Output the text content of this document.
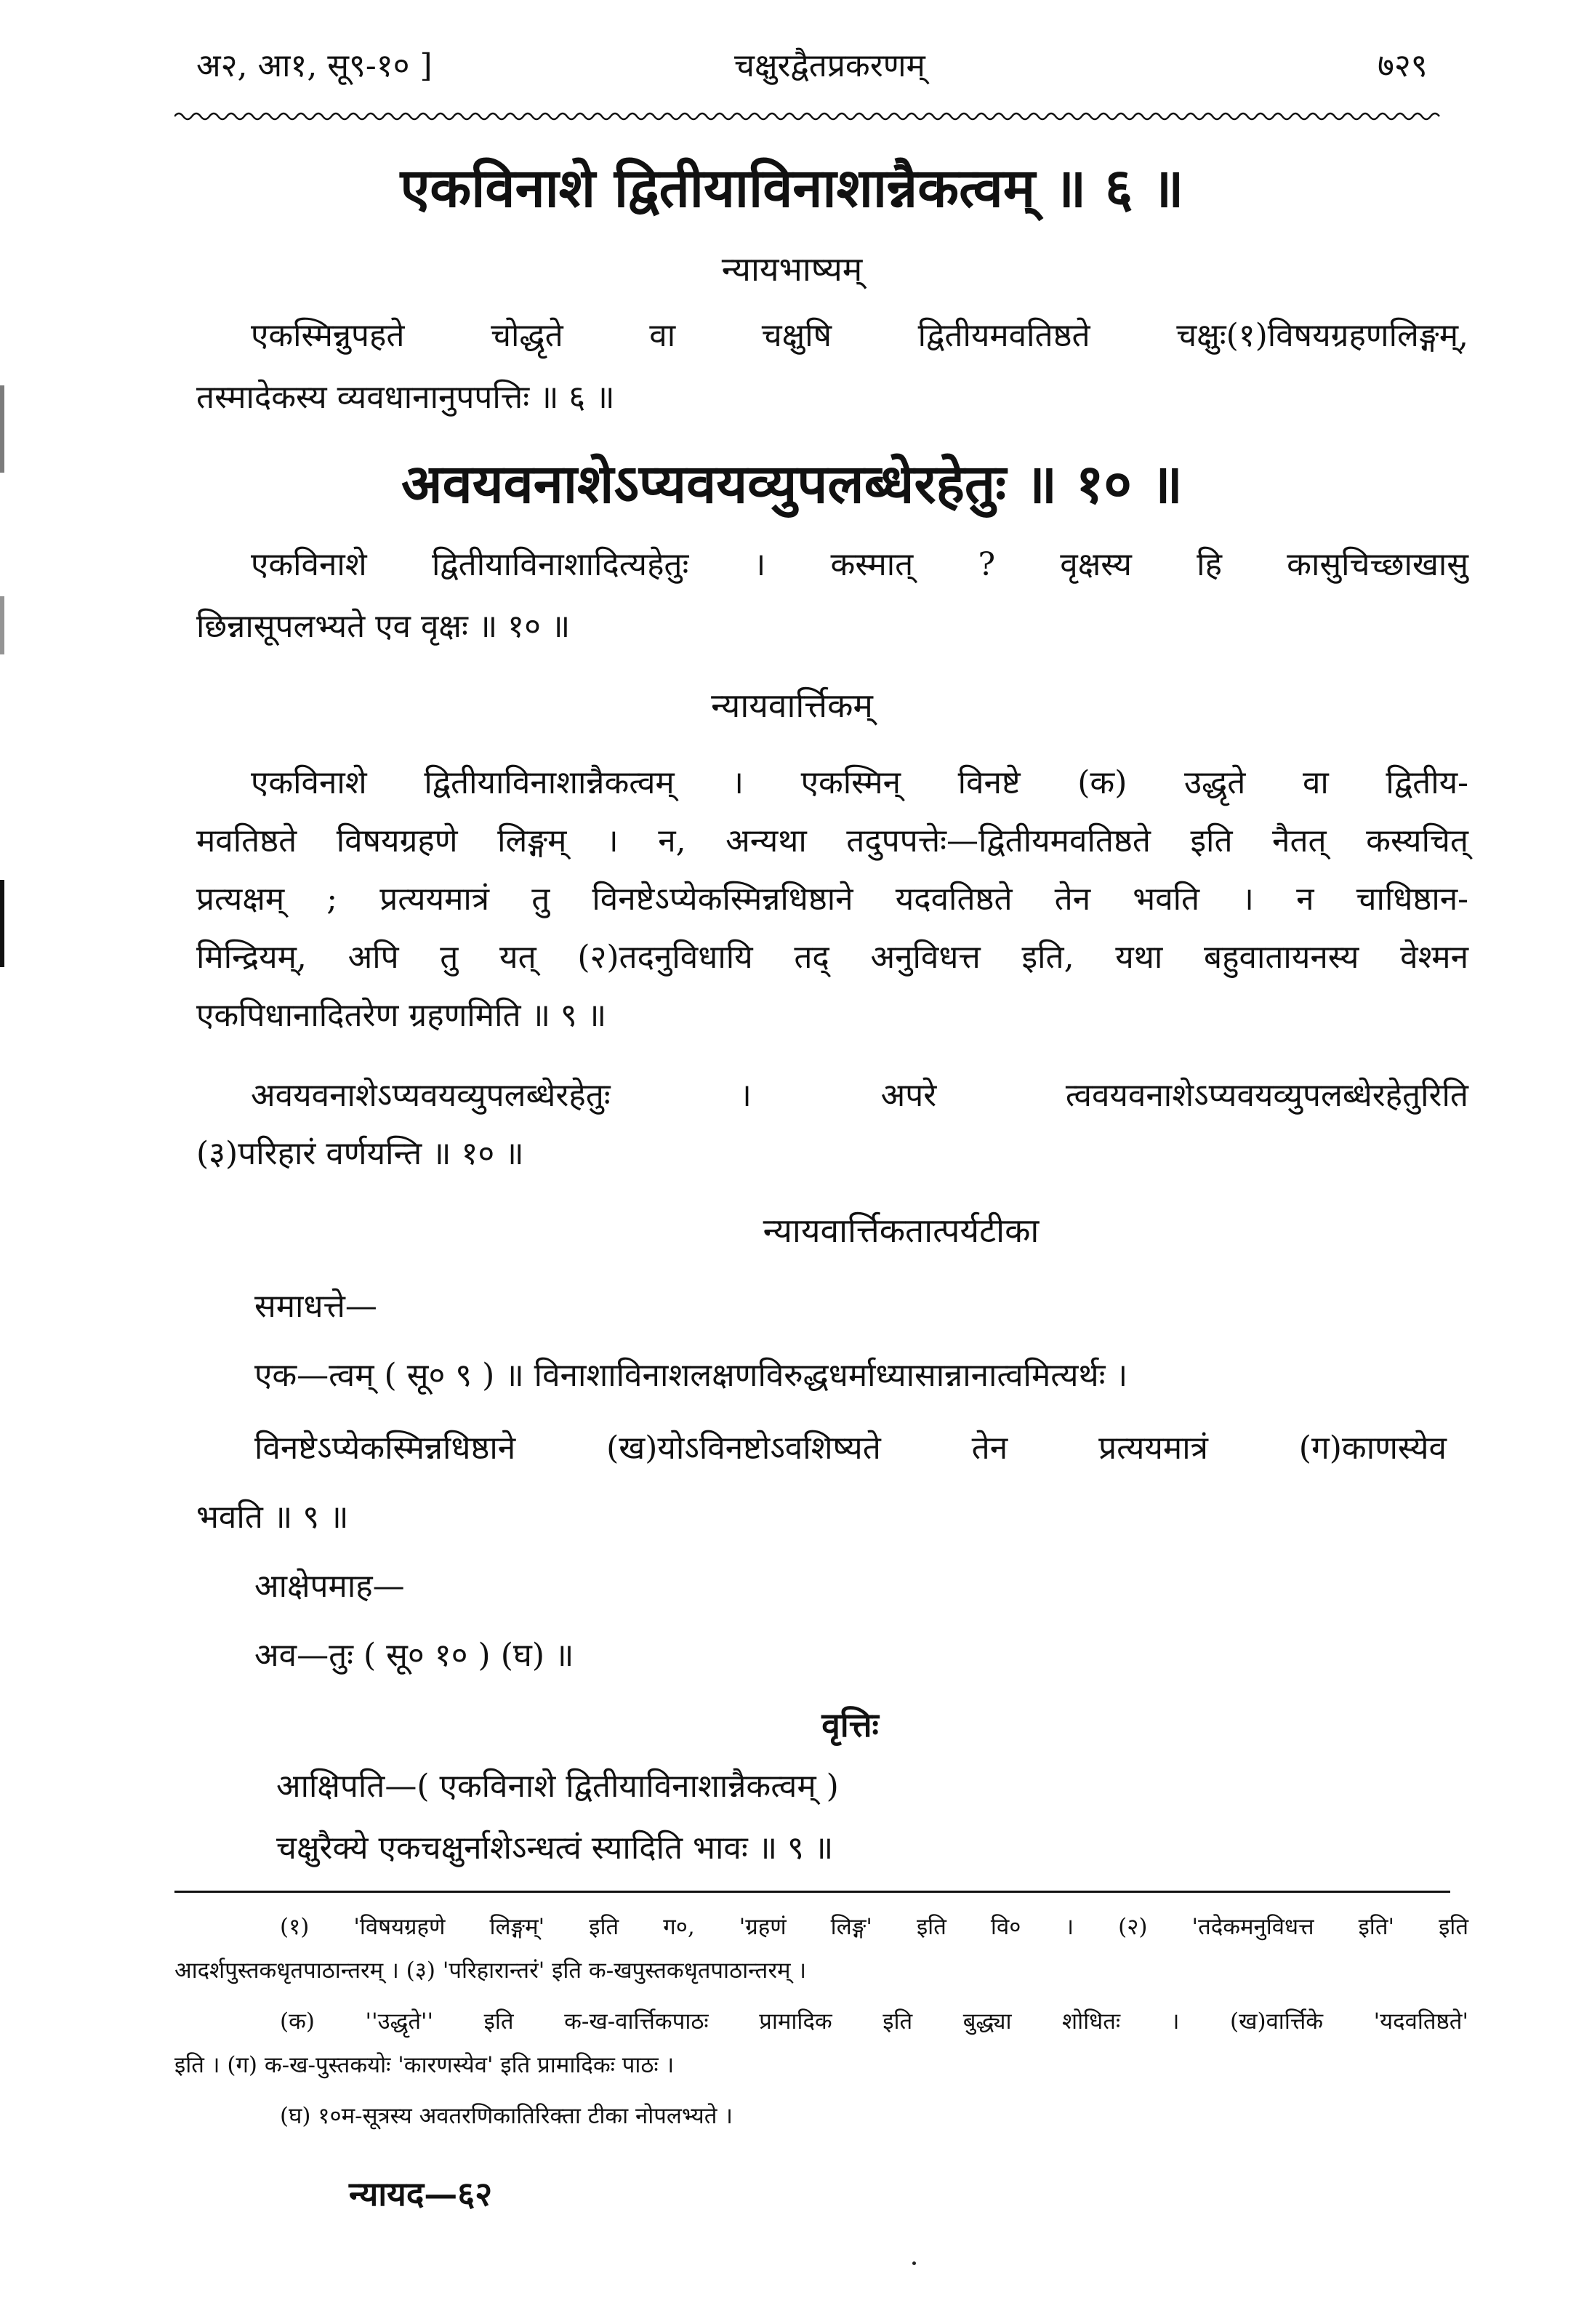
अ२, आ१, सू९-१० ]	चक्षुरद्वैतप्रकरणम्	७२९
एकविनाशे द्वितीयाविनाशान्नैकत्वम् ॥ ६ ॥
न्यायभाष्यम्
एकस्मिन्नुपहते चोद्धृते वा चक्षुषि द्वितीयमवतिष्ठते चक्षुः(१)विषयग्रहणलिङ्गम्,
तस्मादेकस्य व्यवधानानुपपत्तिः ॥ ६ ॥
अवयवनाशेऽप्यवयव्युपलब्धेरहेतुः ॥ १० ॥
एकविनाशे द्वितीयाविनाशादित्यहेतुः । कस्मात् ? वृक्षस्य हि कासुचिच्छाखासु
छिन्नासूपलभ्यते एव वृक्षः ॥ १० ॥
न्यायवार्त्तिकम्
एकविनाशे द्वितीयाविनाशान्नैकत्वम् । एकस्मिन् विनष्टे (क) उद्धृते वा द्वितीय-
मवतिष्ठते विषयग्रहणे लिङ्गम् । न, अन्यथा तदुपपत्तेः—द्वितीयमवतिष्ठते इति नैतत् कस्यचित्
प्रत्यक्षम् ; प्रत्ययमात्रं तु विनष्टेऽप्येकस्मिन्नधिष्ठाने यदवतिष्ठते तेन भवति । न चाधिष्ठान-
मिन्द्रियम्, अपि तु यत् (२)तदनुविधायि तद् अनुविधत्त इति, यथा बहुवातायनस्य वेश्मन
एकपिधानादितरेण ग्रहणमिति ॥ ९ ॥
अवयवनाशेऽप्यवयव्युपलब्धेरहेतुः । अपरे त्ववयवनाशेऽप्यवयव्युपलब्धेरहेतुरिति
(३)परिहारं वर्णयन्ति ॥ १० ॥
न्यायवार्त्तिकतात्पर्यटीका
समाधत्ते—
एक—त्वम् ( सू० ९ ) ॥ विनाशाविनाशलक्षणविरुद्धधर्माध्यासान्नानात्वमित्यर्थः ।
विनष्टेऽप्येकस्मिन्नधिष्ठाने (ख)योऽविनष्टोऽवशिष्यते तेन प्रत्ययमात्रं (ग)काणस्येव
भवति ॥ ९ ॥
आक्षेपमाह—
अव—तुः ( सू० १० ) (घ) ॥
वृत्तिः
आक्षिपति—( एकविनाशे द्वितीयाविनाशान्नैकत्वम् )
चक्षुरैक्ये एकचक्षुर्नाशेऽन्धत्वं स्यादिति भावः ॥ ९ ॥
(१) 'विषयग्रहणे लिङ्गम्' इति ग०, 'ग्रहणं लिङ्ग' इति वि० । (२) 'तदेकमनुविधत्त इति' इति
आदर्शपुस्तकधृतपाठान्तरम् । (३) 'परिहारान्तरं' इति क-खपुस्तकधृतपाठान्तरम् ।
(क) ''उद्धृते'' इति क-ख-वार्त्तिकपाठः प्रामादिक इति बुद्ध्या शोधितः । (ख)वार्त्तिके 'यदवतिष्ठते'
इति । (ग) क-ख-पुस्तकयोः 'कारणस्येव' इति प्रामादिकः पाठः ।
(घ) १०म-सूत्रस्य अवतरणिकातिरिक्ता टीका नोपलभ्यते ।
न्यायद—६२
